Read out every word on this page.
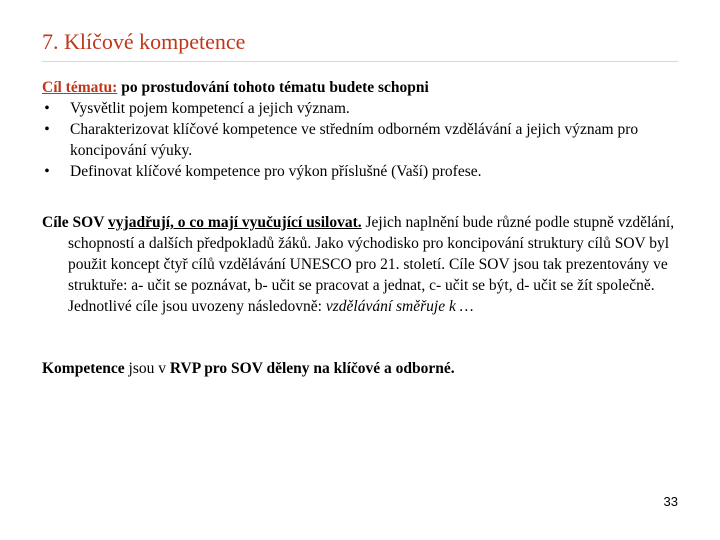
7. Klíčové kompetence
Cíl tématu: po prostudování tohoto tématu budete schopni
• Vysvětlit pojem kompetencí a jejich význam.
• Charakterizovat klíčové kompetence ve středním odborném vzdělávání a jejich význam pro koncipování výuky.
• Definovat klíčové kompetence pro výkon příslušné (Vaší) profese.
Cíle SOV vyjadřují, o co mají vyučující usilovat. Jejich naplnění bude různé podle stupně vzdělání, schopností a dalších předpokladů žáků. Jako východisko pro koncipování struktury cílů SOV byl použit koncept čtyř cílů vzdělávání UNESCO pro 21. století. Cíle SOV jsou tak prezentovány ve struktuře: a- učit se poznávat, b- učit se pracovat a jednat, c- učit se být, d- učit se žít společně. Jednotlivé cíle jsou uvozeny následovně: vzdělávání směřuje k …
Kompetence jsou v RVP pro SOV děleny na klíčové a odborné.
33
